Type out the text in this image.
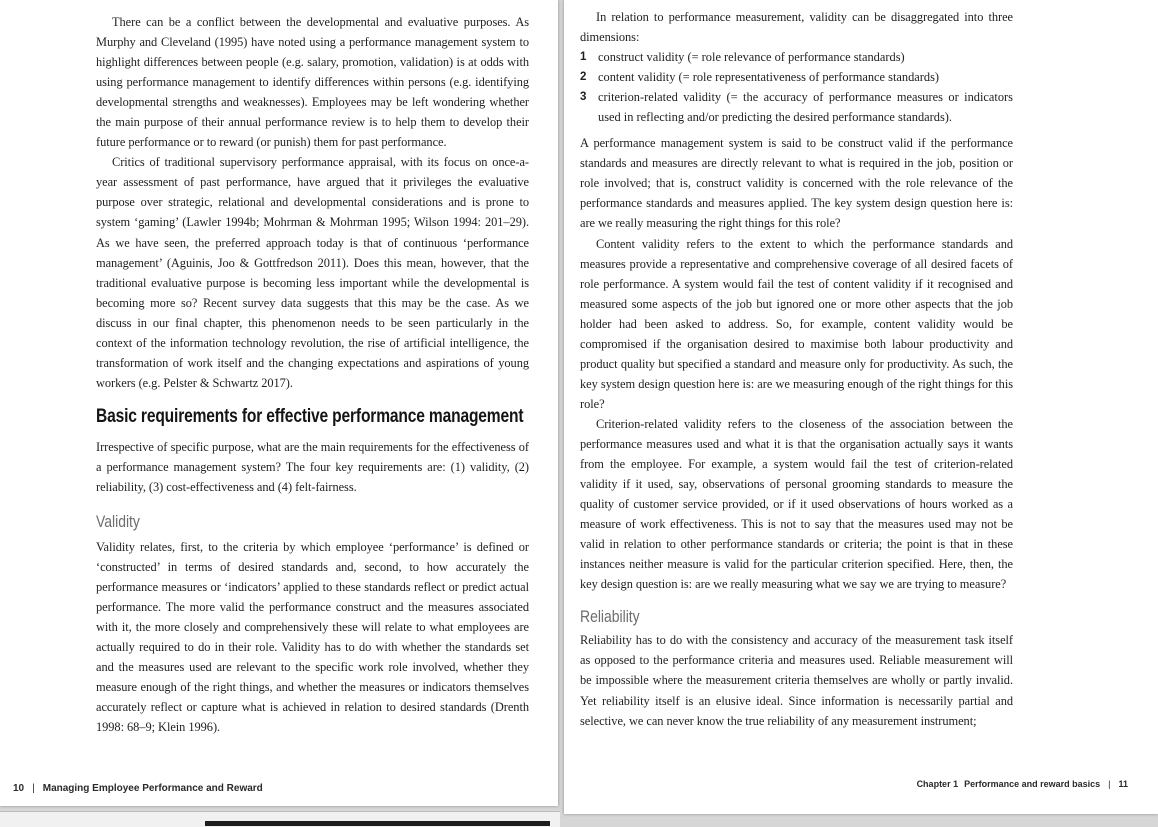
There can be a conflict between the developmental and evaluative purposes. As Murphy and Cleveland (1995) have noted using a performance management system to highlight differences between people (e.g. salary, promotion, validation) is at odds with using performance management to identify differences within persons (e.g. identifying developmental strengths and weaknesses). Employees may be left wondering whether the main purpose of their annual performance review is to help them to develop their future performance or to reward (or punish) them for past performance.

Critics of traditional supervisory performance appraisal, with its focus on once-a-year assessment of past performance, have argued that it privileges the evaluative purpose over strategic, relational and developmental considerations and is prone to system ‘gaming’ (Lawler 1994b; Mohrman & Mohrman 1995; Wilson 1994: 201–29). As we have seen, the preferred approach today is that of continuous ‘performance management’ (Aguinis, Joo & Gottfredson 2011). Does this mean, however, that the traditional evaluative purpose is becoming less important while the developmental is becoming more so? Recent survey data suggests that this may be the case. As we discuss in our final chapter, this phenomenon needs to be seen particularly in the context of the information technology revolution, the rise of artificial intelligence, the transformation of work itself and the changing expectations and aspirations of young workers (e.g. Pelster & Schwartz 2017).

Basic requirements for effective performance management

Irrespective of specific purpose, what are the main requirements for the effectiveness of a performance management system? The four key requirements are: (1) validity, (2) reliability, (3) cost-effectiveness and (4) felt-fairness.

Validity

Validity relates, first, to the criteria by which employee ‘performance’ is defined or ‘constructed’ in terms of desired standards and, second, to how accurately the performance measures or ‘indicators’ applied to these standards reflect or predict actual performance. The more valid the performance construct and the measures associated with it, the more closely and comprehensively these will relate to what employees are actually required to do in their role. Validity has to do with whether the standards set and the measures used are relevant to the specific work role involved, whether they measure enough of the right things, and whether the measures or indicators themselves accurately reflect or capture what is achieved in relation to desired standards (Drenth 1998: 68–9; Klein 1996).

10 | Managing Employee Performance and Reward

In relation to performance measurement, validity can be disaggregated into three dimensions:

1 construct validity (= role relevance of performance standards)
2 content validity (= role representativeness of performance standards)
3 criterion-related validity (= the accuracy of performance measures or indicators used in reflecting and/or predicting the desired performance standards).

A performance management system is said to be construct valid if the performance standards and measures are directly relevant to what is required in the job, position or role involved; that is, construct validity is concerned with the role relevance of the performance standards and measures applied. The key system design question here is: are we really measuring the right things for this role?

Content validity refers to the extent to which the performance standards and measures provide a representative and comprehensive coverage of all desired facets of role performance. A system would fail the test of content validity if it recognised and measured some aspects of the job but ignored one or more other aspects that the job holder had been asked to address. So, for example, content validity would be compromised if the organisation desired to maximise both labour productivity and product quality but specified a standard and measure only for productivity. As such, the key system design question here is: are we measuring enough of the right things for this role?

Criterion-related validity refers to the closeness of the association between the performance measures used and what it is that the organisation actually says it wants from the employee. For example, a system would fail the test of criterion-related validity if it used, say, observations of personal grooming standards to measure the quality of customer service provided, or if it used observations of hours worked as a measure of work effectiveness. This is not to say that the measures used may not be valid in relation to other performance standards or criteria; the point is that in these instances neither measure is valid for the particular criterion specified. Here, then, the key design question is: are we really measuring what we say we are trying to measure?

Reliability

Reliability has to do with the consistency and accuracy of the measurement task itself as opposed to the performance criteria and measures used. Reliable measurement will be impossible where the measurement criteria themselves are wholly or partly invalid. Yet reliability itself is an elusive ideal. Since information is necessarily partial and selective, we can never know the true reliability of any measurement instrument;

Chapter 1 Performance and reward basics | 11
